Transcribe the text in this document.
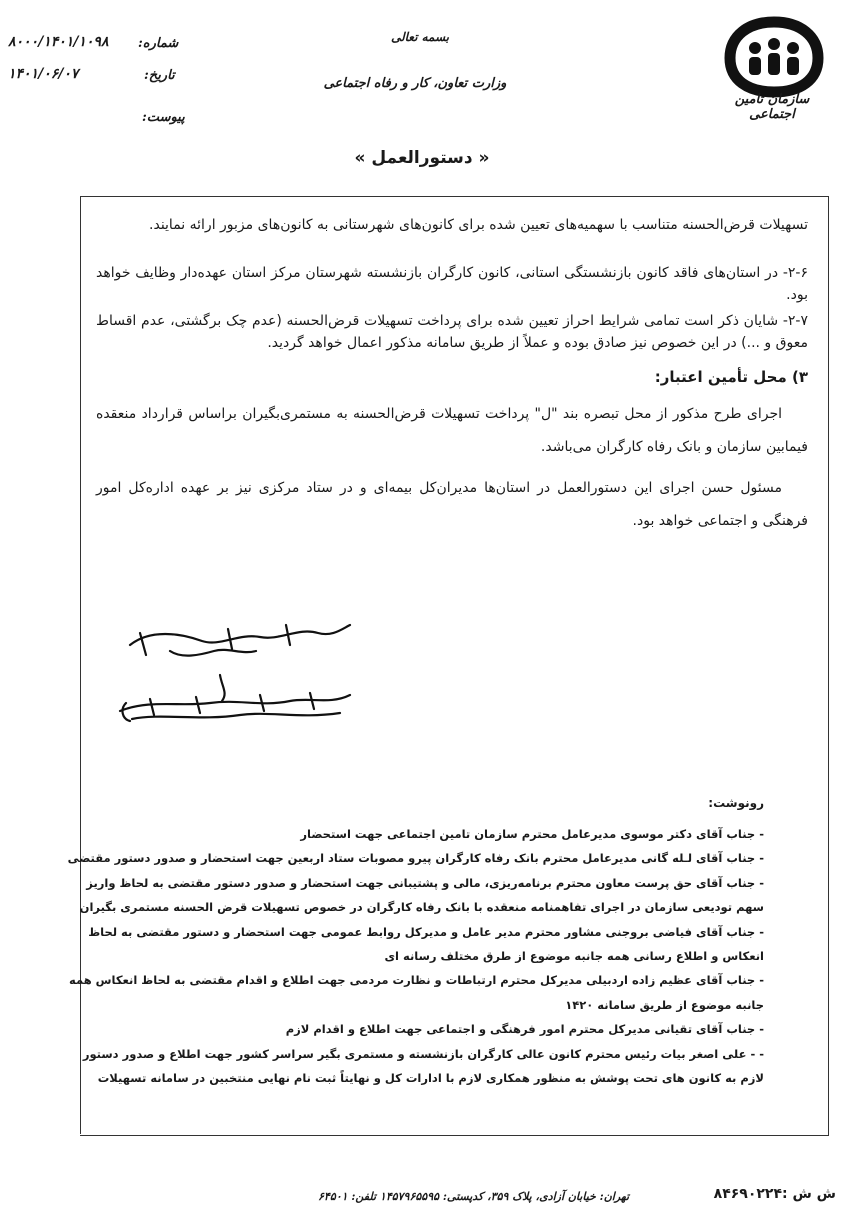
سازمان تامین اجتماعی
بسمه تعالی
وزارت تعاون، کار و رفاه اجتماعی
شماره:
۸۰۰۰/۱۴۰۱/۱۰۹۸
تاریخ:
۱۴۰۱/۰۶/۰۷
پیوست:
« دستورالعمل »
تسهیلات قرض‌الحسنه متناسب با سهمیه‌های تعیین شده برای کانون‌های شهرستانی به کانون‌های مزبور ارائه نمایند.
۲-۶- در استان‌های فاقد کانون بازنشستگی استانی، کانون کارگران بازنشسته شهرستان مرکز استان عهده‌دار وظایف خواهد بود.
۲-۷- شایان ذکر است تمامی شرایط احراز تعیین شده برای پرداخت تسهیلات قرض‌الحسنه (عدم چک برگشتی، عدم اقساط معوق و ...) در این خصوص نیز صادق بوده و عملاً از طریق سامانه مذکور اعمال خواهد گردید.
۳) محل تأمین اعتبار:
اجرای طرح مذکور از محل تبصره بند "ل" پرداخت تسهیلات قرض‌الحسنه به مستمری‌بگیران براساس قرارداد منعقده فیمابین سازمان و بانک رفاه کارگران می‌باشد.
مسئول حسن اجرای این دستورالعمل در استان‌ها مدیران‌کل بیمه‌ای و در ستاد مرکزی نیز بر عهده اداره‌کل امور فرهنگی و اجتماعی خواهد بود.
رونوشت:

- جناب آقای دکتر موسوی مدیرعامل محترم سازمان تامین اجتماعی جهت استحضار

- جناب آقای لـله گانی مدیرعامل محترم بانک رفاه کارگران پیرو مصوبات ستاد اربعین جهت استحضار و صدور دستور مقتضی

- جناب آقای حق پرست معاون محترم برنامه‌ریزی، مالی و پشتیبانی جهت استحضار و صدور دستور مقتضی به لحاظ واریز سهم تودیعی سازمان در اجرای تفاهمنامه منعقده با بانک رفاه کارگران در خصوص تسهیلات قرض الحسنه مستمری بگیران

- جناب آقای فیاضی بروجنی مشاور محترم مدیر عامل و مدیرکل روابط عمومی جهت استحضار و دستور مقتضی به لحاظ انعکاس و اطلاع رسانی همه جانبه موضوع از طرق مختلف رسانه ای

- جناب آقای عظیم زاده اردبیلی مدیرکل محترم ارتباطات و نظارت مردمی جهت اطلاع و اقدام مقتضی به لحاظ انعکاس همه جانبه موضوع از طریق سامانه ۱۴۲۰

- جناب آقای تقیانی مدیرکل محترم امور فرهنگی و اجتماعی جهت اطلاع و اقدام لازم

- - علی اصغر بیات رئیس محترم کانون عالی کارگران بازنشسته و مستمری بگیر سراسر کشور جهت اطلاع و صدور دستور لازم به کانون های تحت پوشش به منظور همکاری لازم با ادارات کل و نهایتاً ثبت نام نهایی منتخبین در سامانه تسهیلات

تهران: خیابان آزادی، پلاک ۳۵۹، کدپستی: ۱۴۵۷۹۶۵۵۹۵ تلفن: ۶۴۵۰۱	ش ش :۸۴۶۹۰۲۲۴
